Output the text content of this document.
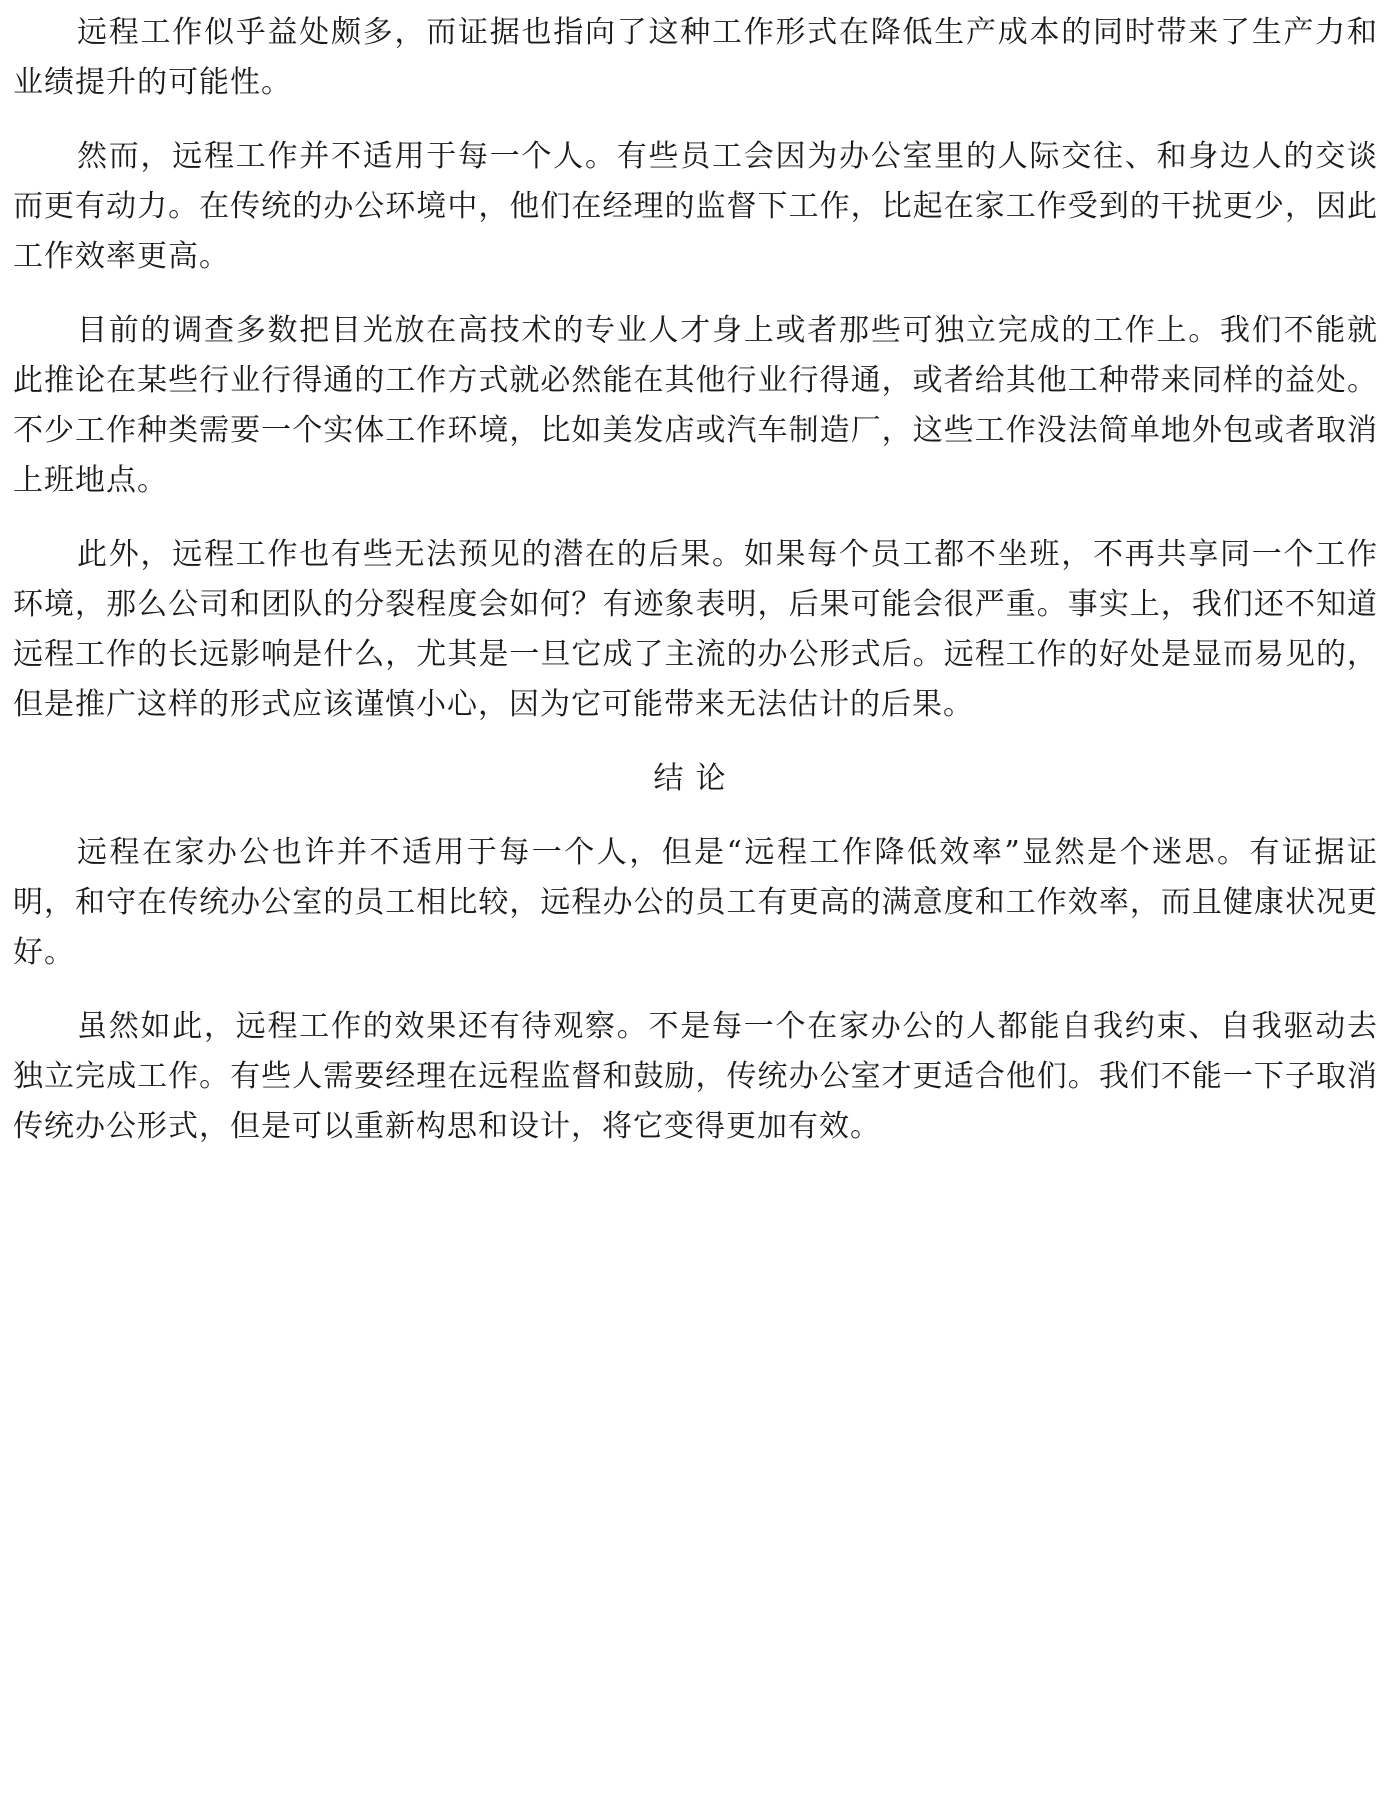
远程工作似乎益处颇多，而证据也指向了这种工作形式在降低生产成本的同时带来了生产力和业绩提升的可能性。

然而，远程工作并不适用于每一个人。有些员工会因为办公室里的人际交往、和身边人的交谈而更有动力。在传统的办公环境中，他们在经理的监督下工作，比起在家工作受到的干扰更少，因此工作效率更高。

目前的调查多数把目光放在高技术的专业人才身上或者那些可独立完成的工作上。我们不能就此推论在某些行业行得通的工作方式就必然能在其他行业行得通，或者给其他工种带来同样的益处。不少工作种类需要一个实体工作环境，比如美发店或汽车制造厂，这些工作没法简单地外包或者取消上班地点。

此外，远程工作也有些无法预见的潜在的后果。如果每个员工都不坐班，不再共享同一个工作环境，那么公司和团队的分裂程度会如何？有迹象表明，后果可能会很严重。事实上，我们还不知道远程工作的长远影响是什么，尤其是一旦它成了主流的办公形式后。远程工作的好处是显而易见的，但是推广这样的形式应该谨慎小心，因为它可能带来无法估计的后果。

结论

远程在家办公也许并不适用于每一个人，但是“远程工作降低效率”显然是个迷思。有证据证明，和守在传统办公室的员工相比较，远程办公的员工有更高的满意度和工作效率，而且健康状况更好。

虽然如此，远程工作的效果还有待观察。不是每一个在家办公的人都能自我约束、自我驱动去独立完成工作。有些人需要经理在远程监督和鼓励，传统办公室才更适合他们。我们不能一下子取消传统办公形式，但是可以重新构思和设计，将它变得更加有效。
